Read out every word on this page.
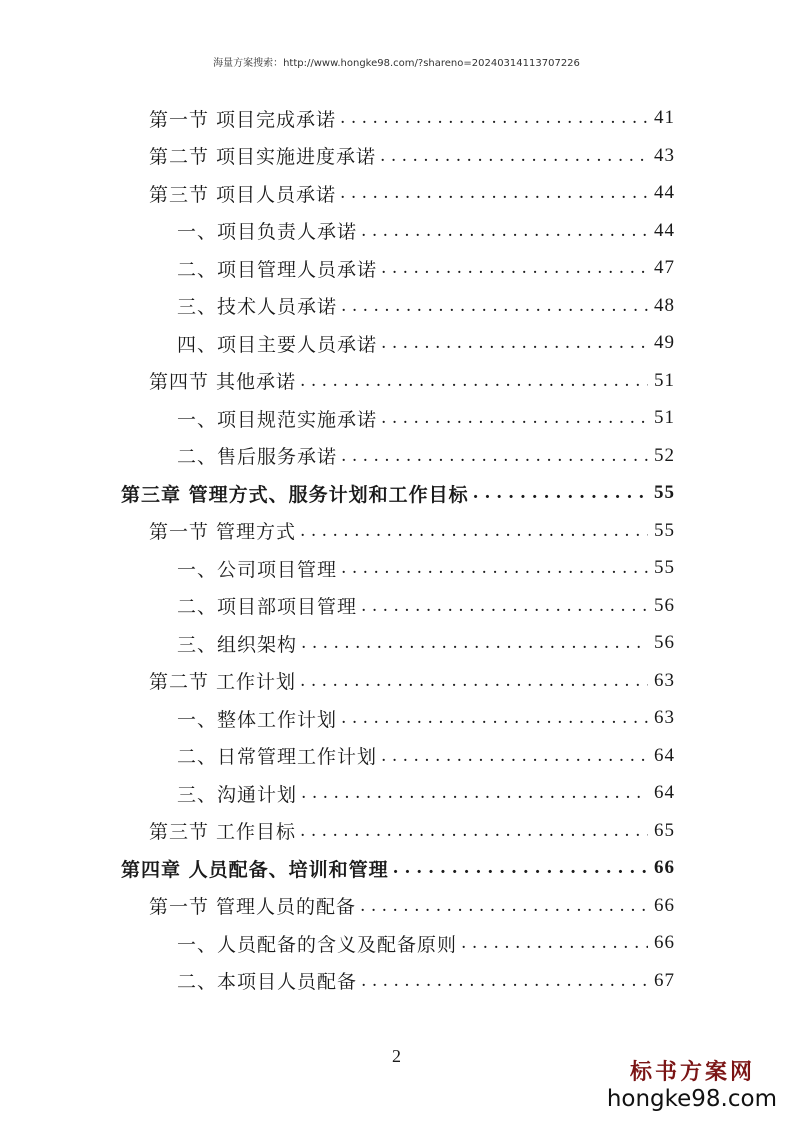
海量方案搜索：http://www.hongke98.com/?shareno=20240314113707226
第一节 项目完成承诺 . . .	41
第二节 项目实施进度承诺 . . .	43
第三节 项目人员承诺 . . .	44
一、项目负责人承诺 . . .	44
二、项目管理人员承诺 . . .	47
三、技术人员承诺 . . .	48
四、项目主要人员承诺 . . .	49
第四节 其他承诺 . . .	51
一、项目规范实施承诺 . . .	51
二、售后服务承诺 . . .	52
第三章 管理方式、服务计划和工作目标 . . .	55
第一节 管理方式 . . .	55
一、公司项目管理 . . .	55
二、项目部项目管理 . . .	56
三、组织架构 . . .	56
第二节 工作计划 . . .	63
一、整体工作计划 . . .	63
二、日常管理工作计划 . . .	64
三、沟通计划 . . .	64
第三节 工作目标 . . .	65
第四章 人员配备、培训和管理 . . .	66
第一节 管理人员的配备 . . .	66
一、人员配备的含义及配备原则 . . .	66
二、本项目人员配备 . . .	67
2
标书方案网
hongke98.com
